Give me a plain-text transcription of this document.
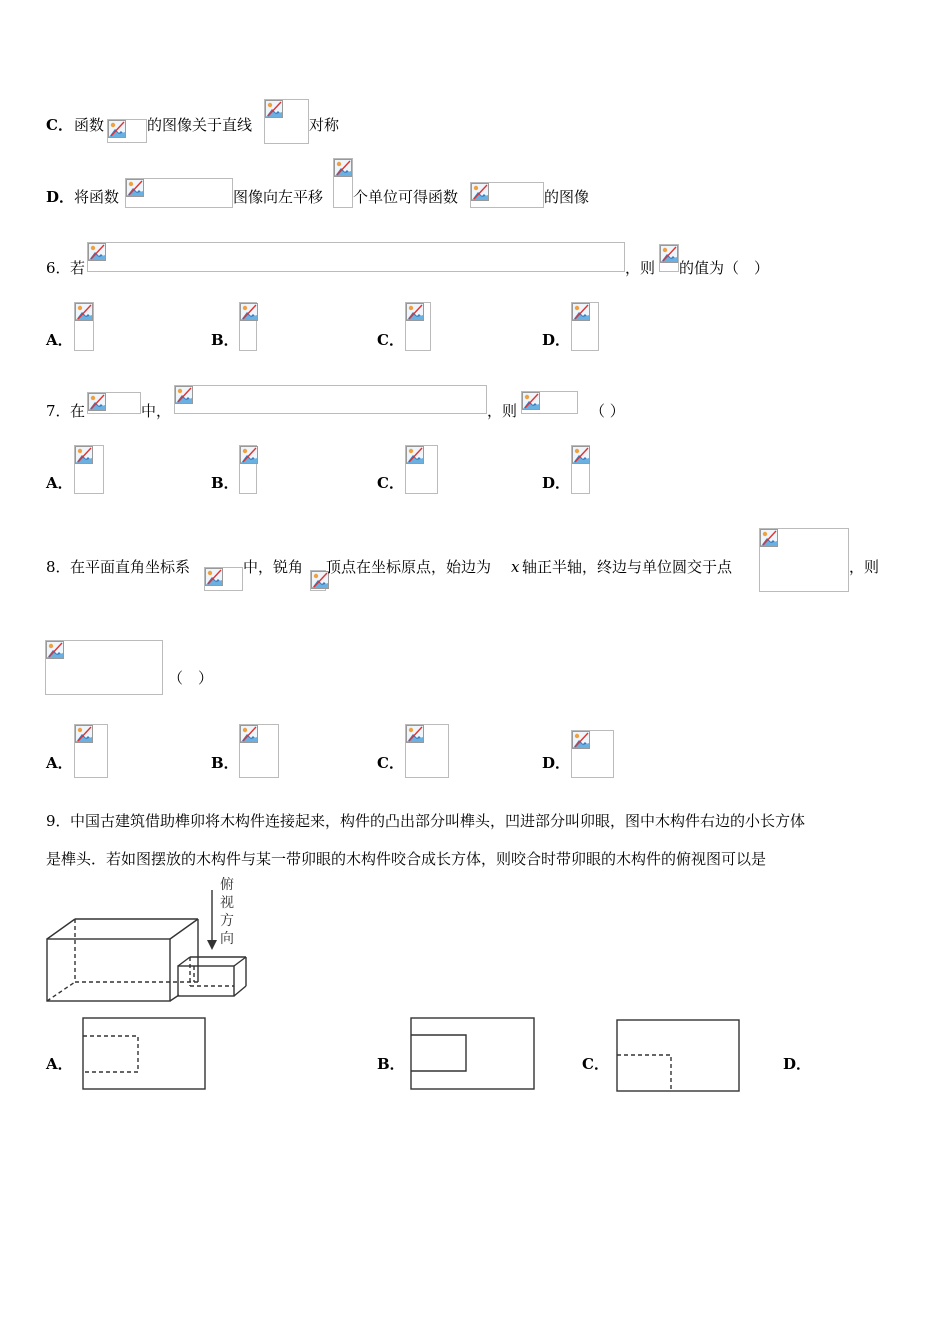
C． 函数	的图像关于直线	对称
D． 将函数	图像向左平移 个单位可得函数	的图像
6． 若	，则 的值为（　）
A．	B．	C．	D．
7． 在	中，	，则	（ ）
A．	B．	C．	D．
8． 在平面直角坐标系	中，锐角 顶点在坐标原点，始边为 x 轴正半轴，终边与单位圆交于点	，则
（　）
A．	B．	C．	D．
9． 中国古建筑借助榫卯将木构件连接起来，构件的凸出部分叫榫头，凹进部分叫卯眼，图中木构件右边的小长方体
是榫头．若如图摆放的木构件与某一带卯眼的木构件咬合成长方体，则咬合时带卯眼的木构件的俯视图可以是
俯
视
方
向
A．	B．	C．	D．
